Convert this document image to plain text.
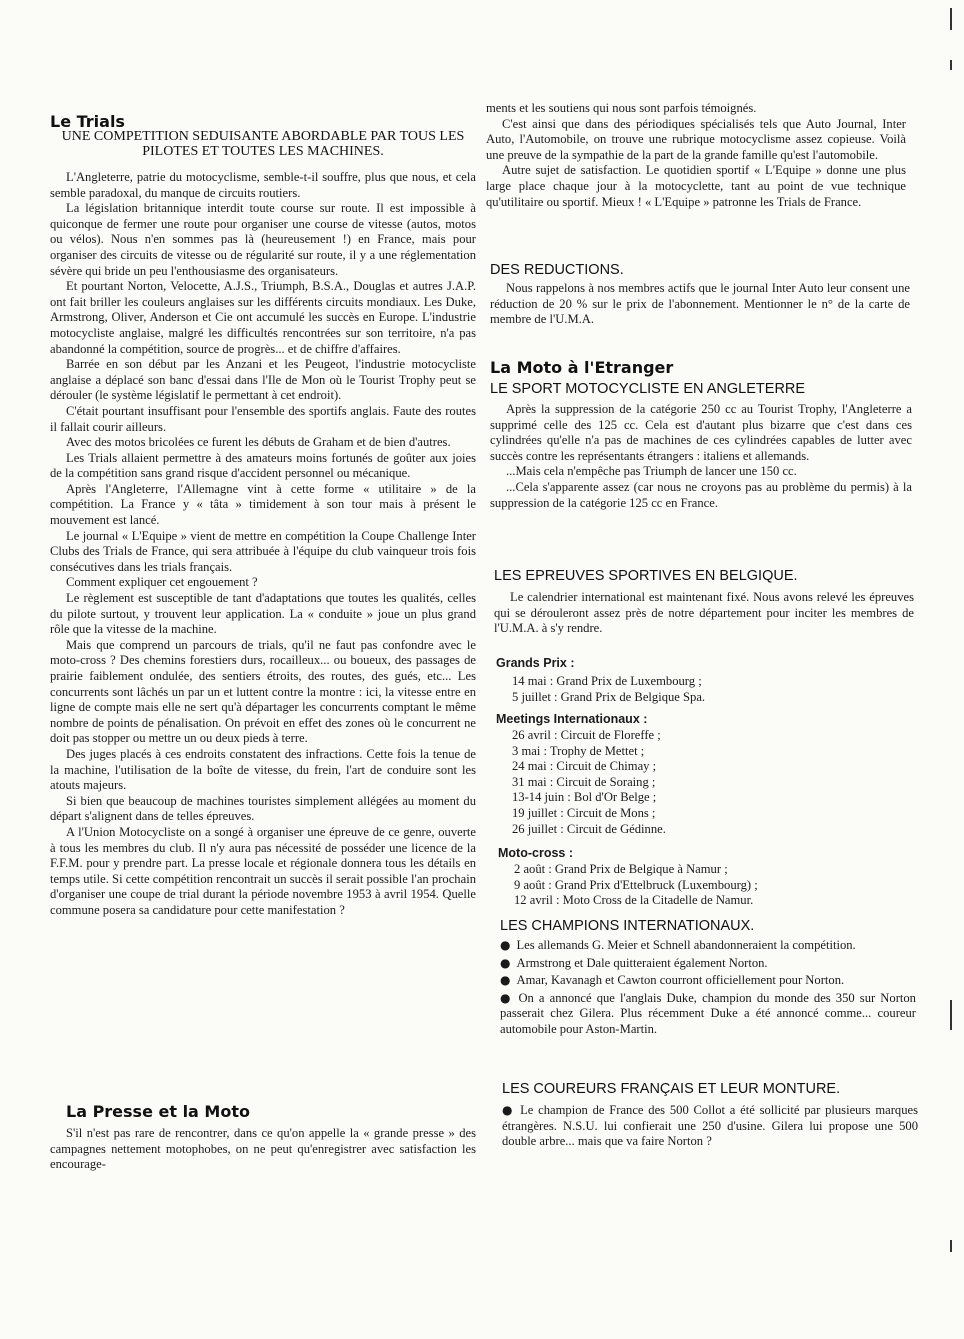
Le Trials
UNE COMPETITION SEDUISANTE ABORDABLE PAR TOUS LES PILOTES ET TOUTES LES MACHINES.

L'Angleterre, patrie du motocyclisme, semble-t-il souffre, plus que nous, et cela semble paradoxal, du manque de circuits routiers.

La législation britannique interdit toute course sur route. Il est impossible à quiconque de fermer une route pour organiser une course de vitesse (autos, motos ou vélos). Nous n'en sommes pas là (heureusement !) en France, mais pour organiser des circuits de vitesse ou de régularité sur route, il y a une réglementation sévère qui bride un peu l'enthousiasme des organisateurs.

Et pourtant Norton, Velocette, A.J.S., Triumph, B.S.A., Douglas et autres J.A.P. ont fait briller les couleurs anglaises sur les différents circuits mondiaux. Les Duke, Armstrong, Oliver, Anderson et Cie ont accumulé les succès en Europe. L'industrie motocycliste anglaise, malgré les difficultés rencontrées sur son territoire, n'a pas abandonné la compétition, source de progrès... et de chiffre d'affaires.

Barrée en son début par les Anzani et les Peugeot, l'industrie motocycliste anglaise a déplacé son banc d'essai dans l'Ile de Mon où le Tourist Trophy peut se dérouler (le système législatif le permettant à cet endroit).

C'était pourtant insuffisant pour l'ensemble des sportifs anglais. Faute des routes il fallait courir ailleurs.

Avec des motos bricolées ce furent les débuts de Graham et de bien d'autres.

Les Trials allaient permettre à des amateurs moins fortunés de goûter aux joies de la compétition sans grand risque d'accident personnel ou mécanique.

Après l'Angleterre, l'Allemagne vint à cette forme « utilitaire » de la compétition. La France y « tâta » timidement à son tour mais à présent le mouvement est lancé.

Le journal « L'Equipe » vient de mettre en compétition la Coupe Challenge Inter Clubs des Trials de France, qui sera attribuée à l'équipe du club vainqueur trois fois consécutives dans les trials français.

Comment expliquer cet engouement ?

Le règlement est susceptible de tant d'adaptations que toutes les qualités, celles du pilote surtout, y trouvent leur application. La « conduite » joue un plus grand rôle que la vitesse de la machine.

Mais que comprend un parcours de trials, qu'il ne faut pas confondre avec le moto-cross ? Des chemins forestiers durs, rocailleux... ou boueux, des passages de prairie faiblement ondulée, des sentiers étroits, des routes, des gués, etc... Les concurrents sont lâchés un par un et luttent contre la montre : ici, la vitesse entre en ligne de compte mais elle ne sert qu'à départager les concurrents comptant le même nombre de points de pénalisation. On prévoit en effet des zones où le concurrent ne doit pas stopper ou mettre un ou deux pieds à terre.

Des juges placés à ces endroits constatent des infractions. Cette fois la tenue de la machine, l'utilisation de la boîte de vitesse, du frein, l'art de conduire sont les atouts majeurs.

Si bien que beaucoup de machines touristes simplement allégées au moment du départ s'alignent dans de telles épreuves.

A l'Union Motocycliste on a songé à organiser une épreuve de ce genre, ouverte à tous les membres du club. Il n'y aura pas nécessité de posséder une licence de la F.F.M. pour y prendre part. La presse locale et régionale donnera tous les détails en temps utile. Si cette compétition rencontrait un succès il serait possible l'an prochain d'organiser une coupe de trial durant la période novembre 1953 à avril 1954. Quelle commune posera sa candidature pour cette manifestation ?

La Presse et la Moto

S'il n'est pas rare de rencontrer, dans ce qu'on appelle la « grande presse » des campagnes nettement motophobes, on ne peut qu'enregistrer avec satisfaction les encourage-

ments et les soutiens qui nous sont parfois témoignés.

C'est ainsi que dans des périodiques spécialisés tels que Auto Journal, Inter Auto, l'Automobile, on trouve une rubrique motocyclisme assez copieuse. Voilà une preuve de la sympathie de la part de la grande famille qu'est l'automobile.

Autre sujet de satisfaction. Le quotidien sportif « L'Equipe » donne une plus large place chaque jour à la motocyclette, tant au point de vue technique qu'utilitaire ou sportif. Mieux ! « L'Equipe » patronne les Trials de France.

DES REDUCTIONS.

Nous rappelons à nos membres actifs que le journal Inter Auto leur consent une réduction de 20 % sur le prix de l'abonnement. Mentionner le n° de la carte de membre de l'U.M.A.

La Moto à l'Etranger
LE SPORT MOTOCYCLISTE EN ANGLETERRE

Après la suppression de la catégorie 250 cc au Tourist Trophy, l'Angleterre a supprimé celle des 125 cc. Cela est d'autant plus bizarre que c'est dans ces cylindrées qu'elle n'a pas de machines de ces cylindrées capables de lutter avec succès contre les représentants étrangers : italiens et allemands.

...Mais cela n'empêche pas Triumph de lancer une 150 cc.

...Cela s'apparente assez (car nous ne croyons pas au problème du permis) à la suppression de la catégorie 125 cc en France.

LES EPREUVES SPORTIVES EN BELGIQUE.

Le calendrier international est maintenant fixé. Nous avons relevé les épreuves qui se dérouleront assez près de notre département pour inciter les membres de l'U.M.A. à s'y rendre.

Grands Prix :
14 mai : Grand Prix de Luxembourg ;
5 juillet : Grand Prix de Belgique Spa.
Meetings Internationaux :
26 avril : Circuit de Floreffe ;
3 mai : Trophy de Mettet ;
24 mai : Circuit de Chimay ;
31 mai : Circuit de Soraing ;
13-14 juin : Bol d'Or Belge ;
19 juillet : Circuit de Mons ;
26 juillet : Circuit de Gédinne.
Moto-cross :
2 août : Grand Prix de Belgique à Namur ;
9 août : Grand Prix d'Ettelbruck (Luxembourg) ;
12 avril : Moto Cross de la Citadelle de Namur.
LES CHAMPIONS INTERNATIONAUX.

● Les allemands G. Meier et Schnell abandonneraient la compétition.

● Armstrong et Dale quitteraient également Norton.

● Amar, Kavanagh et Cawton courront officiellement pour Norton.

● On a annoncé que l'anglais Duke, champion du monde des 350 sur Norton passerait chez Gilera. Plus récemment Duke a été annoncé comme... coureur automobile pour Aston-Martin.

LES COUREURS FRANÇAIS ET LEUR MONTURE.

● Le champion de France des 500 Collot a été sollicité par plusieurs marques étrangères. N.S.U. lui confierait une 250 d'usine. Gilera lui propose une 500 double arbre... mais que va faire Norton ?
